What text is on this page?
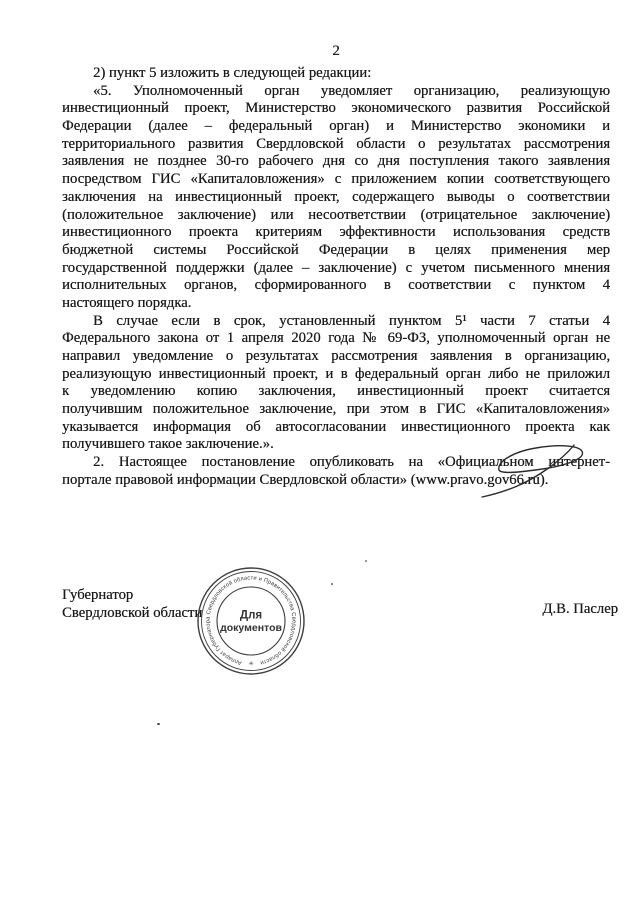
2
2) пункт 5 изложить в следующей редакции:
«5. Уполномоченный орган уведомляет организацию, реализующую
инвестиционный проект, Министерство экономического развития Российской
Федерации (далее – федеральный орган) и Министерство экономики и
территориального развития Свердловской области о результатах рассмотрения
заявления не позднее 30-го рабочего дня со дня поступления такого заявления
посредством ГИС «Капиталовложения» с приложением копии соответствующего
заключения на инвестиционный проект, содержащего выводы о соответствии
(положительное заключение) или несоответствии (отрицательное заключение)
инвестиционного проекта критериям эффективности использования средств
бюджетной системы Российской Федерации в целях применения мер
государственной поддержки (далее – заключение) с учетом письменного мнения
исполнительных органов, сформированного в соответствии с пунктом 4
настоящего порядка.
В случае если в срок, установленный пунктом 5¹ части 7 статьи 4
Федерального закона от 1 апреля 2020 года № 69-ФЗ, уполномоченный орган не
направил уведомление о результатах рассмотрения заявления в организацию,
реализующую инвестиционный проект, и в федеральный орган либо не приложил
к уведомлению копию заключения, инвестиционный проект считается
получившим положительное заключение, при этом в ГИС «Капиталовложения»
указывается информация об автосогласовании инвестиционного проекта как
получившего такое заключение.».
2. Настоящее постановление опубликовать на «Официальном интернет-
портале правовой информации Свердловской области» (www.pravo.gov66.ru).
Губернатор
Свердловской области	Д.В. Паслер
Аппарат Губернатора Свердловской области и Правительства Свердловской области
✳
Для
документов
